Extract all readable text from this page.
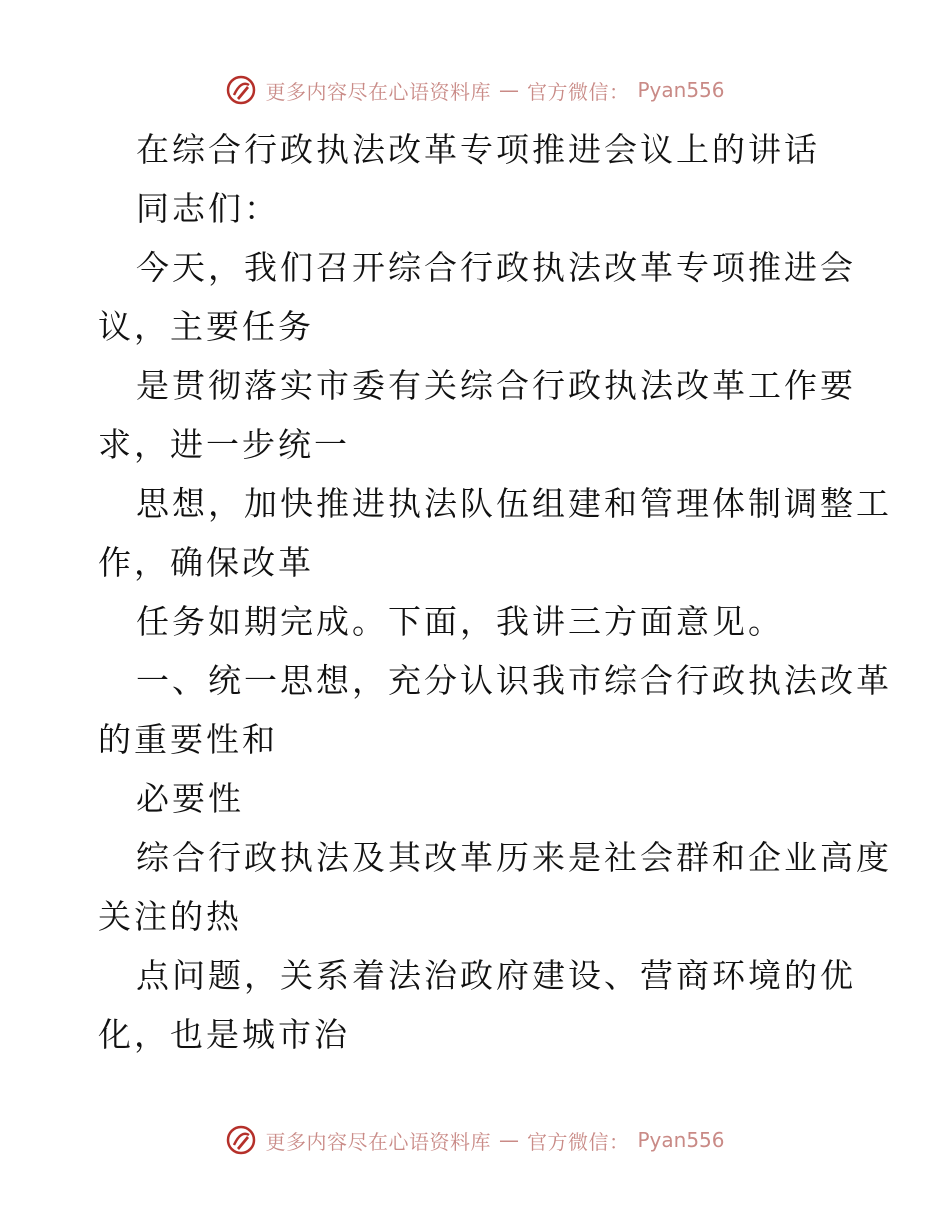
更多内容尽在心语资料库 — 官方微信： Pyan556
在综合行政执法改革专项推进会议上的讲话
同志们：
今天，我们召开综合行政执法改革专项推进会
议，主要任务
是贯彻落实市委有关综合行政执法改革工作要
求，进一步统一
思想，加快推进执法队伍组建和管理体制调整工
作，确保改革
任务如期完成。下面，我讲三方面意见。
一、统一思想，充分认识我市综合行政执法改革
的重要性和
必要性
综合行政执法及其改革历来是社会群和企业高度
关注的热
点问题，关系着法治政府建设、营商环境的优
化，也是城市治
更多内容尽在心语资料库 — 官方微信： Pyan556
